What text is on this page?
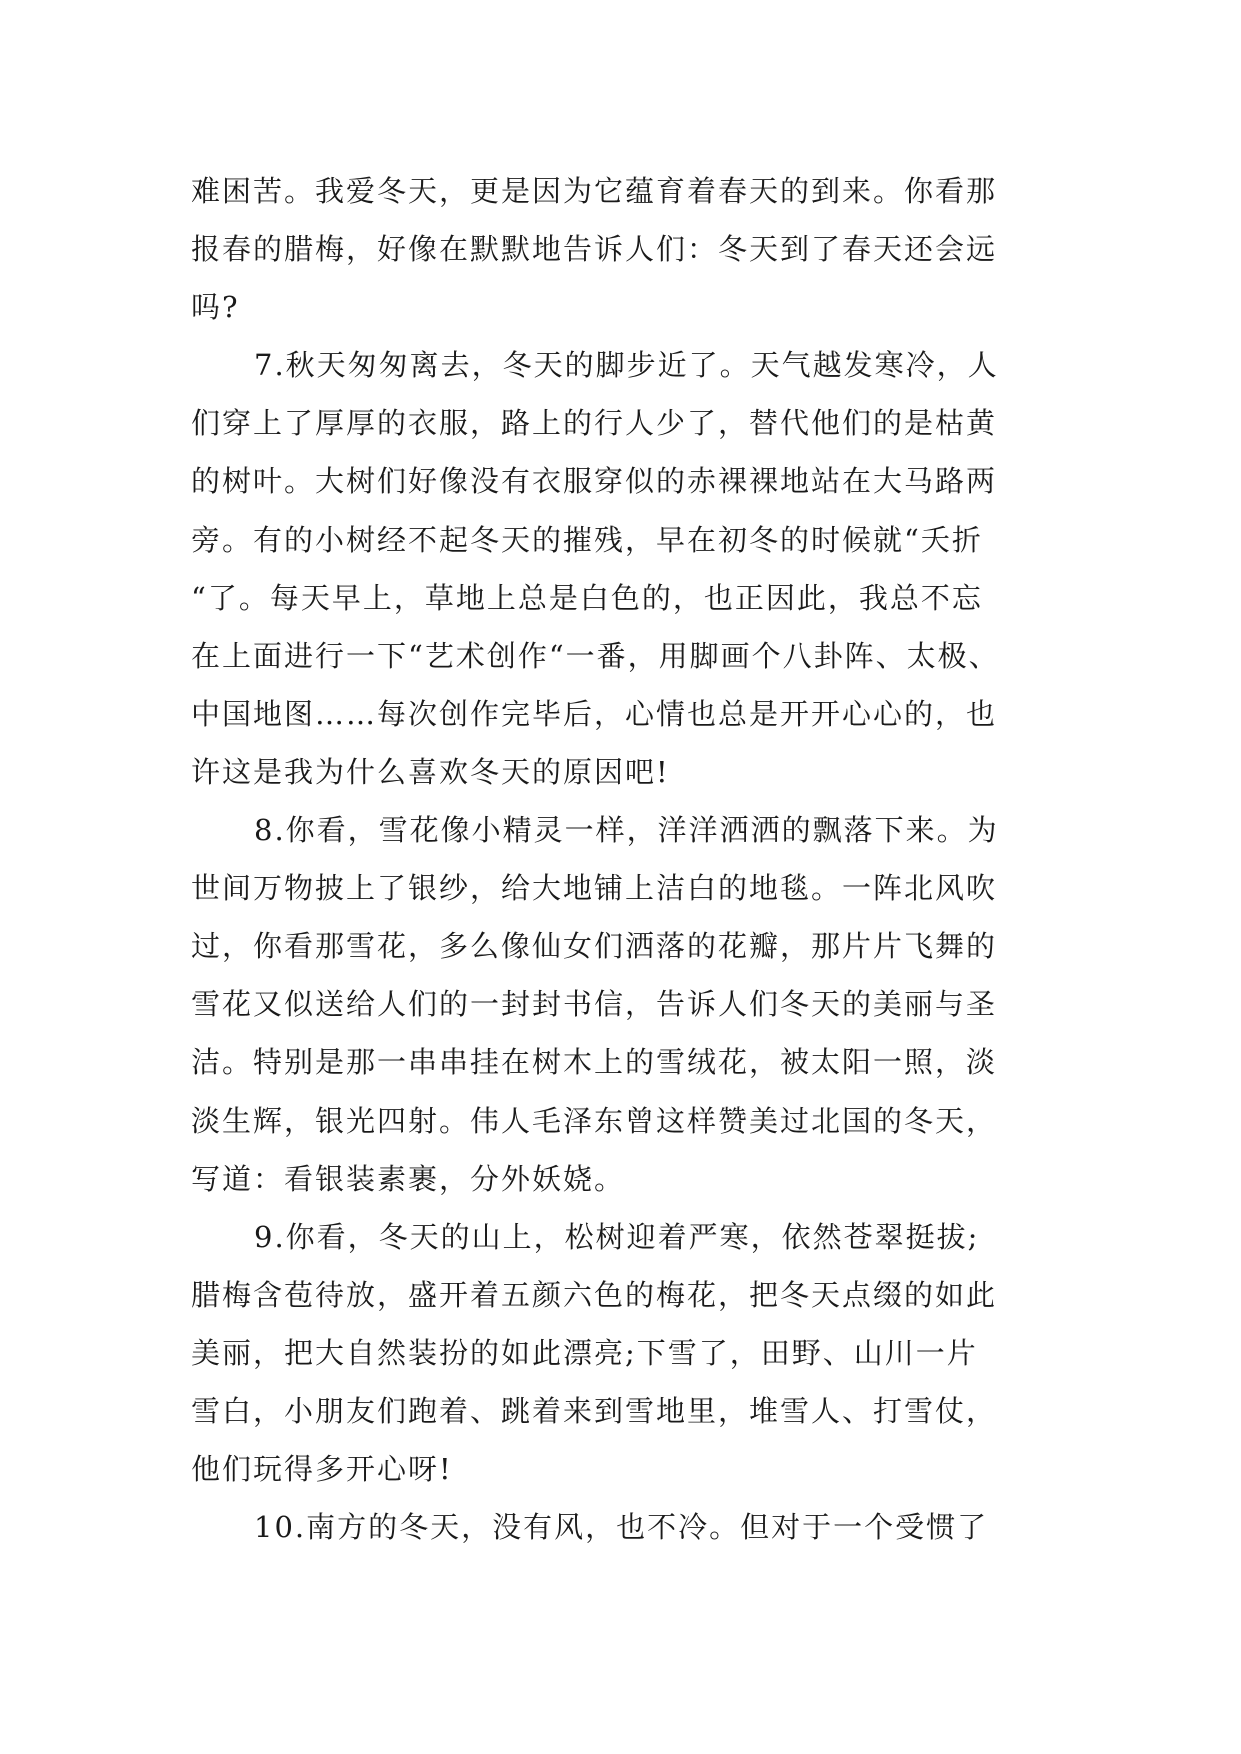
难困苦。我爱冬天，更是因为它蕴育着春天的到来。你看那
报春的腊梅，好像在默默地告诉人们：冬天到了春天还会远
吗?
7.秋天匆匆离去，冬天的脚步近了。天气越发寒冷，人
们穿上了厚厚的衣服，路上的行人少了，替代他们的是枯黄
的树叶。大树们好像没有衣服穿似的赤裸裸地站在大马路两
旁。有的小树经不起冬天的摧残，早在初冬的时候就“夭折
“了。每天早上，草地上总是白色的，也正因此，我总不忘
在上面进行一下“艺术创作“一番，用脚画个八卦阵、太极、
中国地图……每次创作完毕后，心情也总是开开心心的，也
许这是我为什么喜欢冬天的原因吧!
8.你看，雪花像小精灵一样，洋洋洒洒的飘落下来。为
世间万物披上了银纱，给大地铺上洁白的地毯。一阵北风吹
过，你看那雪花，多么像仙女们洒落的花瓣，那片片飞舞的
雪花又似送给人们的一封封书信，告诉人们冬天的美丽与圣
洁。特别是那一串串挂在树木上的雪绒花，被太阳一照，淡
淡生辉，银光四射。伟人毛泽东曾这样赞美过北国的冬天，
写道：看银装素裹，分外妖娆。
9.你看，冬天的山上，松树迎着严寒，依然苍翠挺拔;
腊梅含苞待放，盛开着五颜六色的梅花，把冬天点缀的如此
美丽，把大自然装扮的如此漂亮;下雪了，田野、山川一片
雪白，小朋友们跑着、跳着来到雪地里，堆雪人、打雪仗，
他们玩得多开心呀!
10.南方的冬天，没有风，也不冷。但对于一个受惯了
